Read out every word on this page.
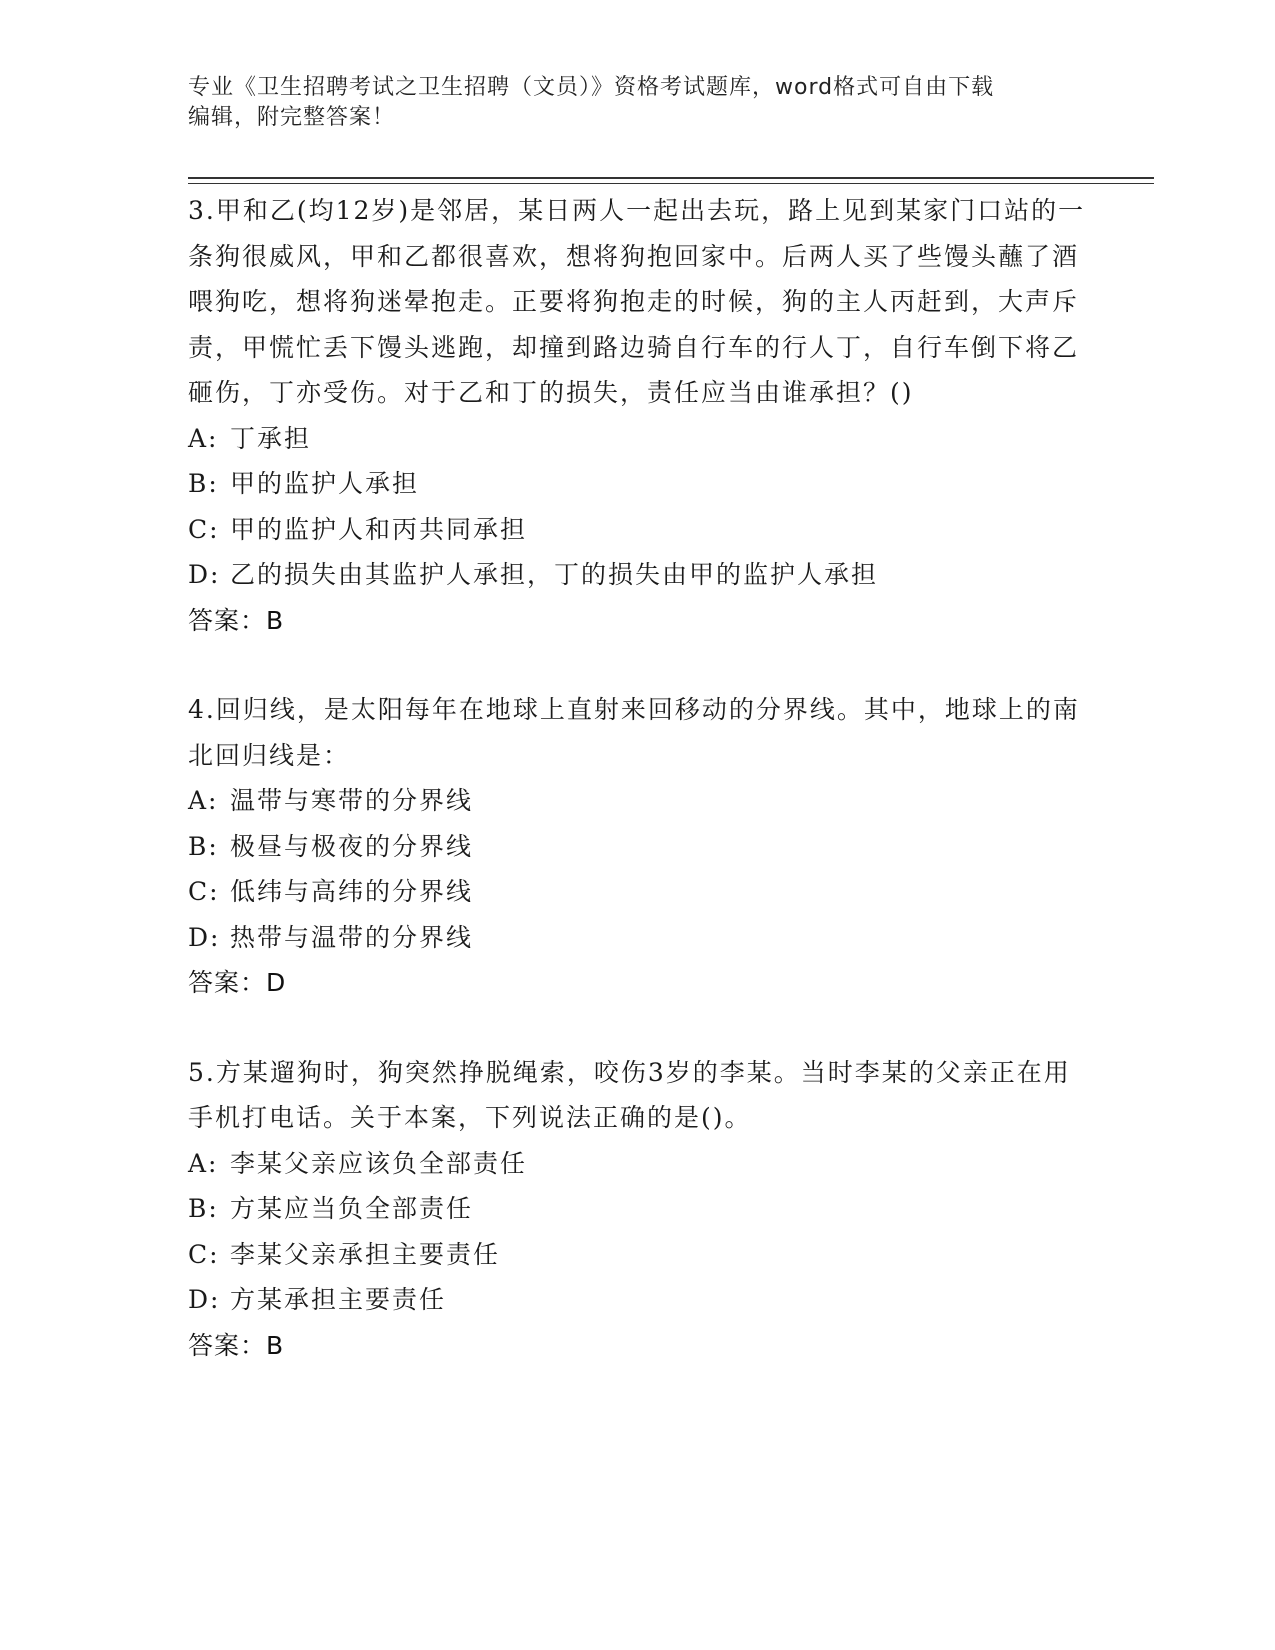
专业《卫生招聘考试之卫生招聘（文员）》资格考试题库，word格式可自由下载
编辑，附完整答案！

3.甲和乙(均12岁)是邻居，某日两人一起出去玩，路上见到某家门口站的一条狗很威风，甲和乙都很喜欢，想将狗抱回家中。后两人买了些馒头蘸了酒喂狗吃，想将狗迷晕抱走。正要将狗抱走的时候，狗的主人丙赶到，大声斥责，甲慌忙丢下馒头逃跑，却撞到路边骑自行车的行人丁，自行车倒下将乙砸伤，丁亦受伤。对于乙和丁的损失，责任应当由谁承担？()

A: 丁承担
B: 甲的监护人承担
C: 甲的监护人和丙共同承担
D: 乙的损失由其监护人承担，丁的损失由甲的监护人承担
答案：B

4.回归线，是太阳每年在地球上直射来回移动的分界线。其中，地球上的南北回归线是：

A: 温带与寒带的分界线
B: 极昼与极夜的分界线
C: 低纬与高纬的分界线
D: 热带与温带的分界线
答案：D

5.方某遛狗时，狗突然挣脱绳索，咬伤3岁的李某。当时李某的父亲正在用手机打电话。关于本案，下列说法正确的是()。

A: 李某父亲应该负全部责任
B: 方某应当负全部责任
C: 李某父亲承担主要责任
D: 方某承担主要责任
答案：B
